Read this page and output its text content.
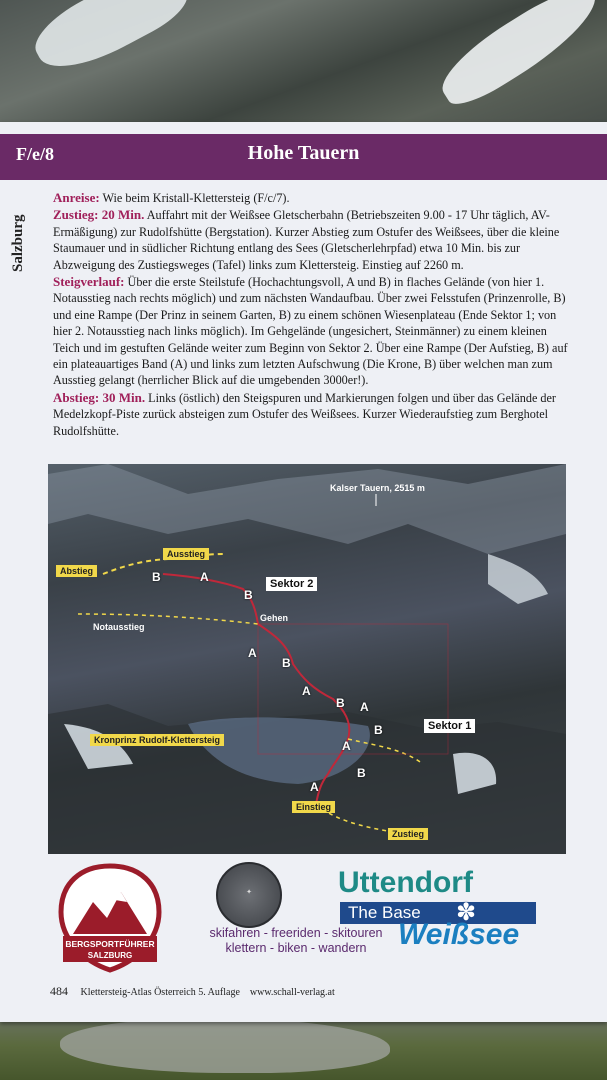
F/e/8	Hohe Tauern
Salzburg

Anreise: Wie beim Kristall-Klettersteig (F/c/7).

Zustieg: 20 Min. Auffahrt mit der Weißsee Gletscherbahn (Betriebszeiten 9.00 - 17 Uhr täglich, AV-Ermäßigung) zur Rudolfshütte (Bergstation). Kurzer Abstieg zum Ostufer des Weißsees, über die kleine Staumauer und in südlicher Richtung entlang des Sees (Gletscherlehrpfad) etwa 10 Min. bis zur Abzweigung des Zustiegsweges (Tafel) links zum Klettersteig. Einstieg auf 2260 m.

Steigverlauf: Über die erste Steilstufe (Hochachtungsvoll, A und B) in flaches Gelände (von hier 1. Notausstieg nach rechts möglich) und zum nächsten Wandaufbau. Über zwei Felsstufen (Prinzenrolle, B) und eine Rampe (Der Prinz in seinem Garten, B) zu einem schönen Wiesenplateau (Ende Sektor 1; von hier 2. Notausstieg nach links möglich). Im Gehgelände (ungesichert, Steinmänner) zu einem kleinen Teich und im gestuften Gelände weiter zum Beginn von Sektor 2. Über eine Rampe (Der Aufstieg, B) auf ein plateauartiges Band (A) und links zum letzten Aufschwung (Die Krone, B) über welchen man zum Ausstieg gelangt (herrlicher Blick auf die umgebenden 3000er!).

Abstieg: 30 Min. Links (östlich) den Steigspuren und Markierungen folgen und über das Gelände der Medelzkopf-Piste zurück absteigen zum Ostufer des Weißsees. Kurzer Wiederaufstieg zum Berghotel Rudolfshütte.

Kalser Tauern, 2515 m
Ausstieg
Abstieg
Sektor 2
Gehen
Notausstieg
Sektor 1
Kronprinz Rudolf-Klettersteig
Einstieg
Zustieg
B	A
B
A
B
A
B A
B
A
B
A
BERGSPORTFÜHRER
SALZBURG
✦
skifahren - freeriden - skitouren
klettern - biken - wandern
Uttendorf
The Base	✽
Weißsee
484 Klettersteig-Atlas Österreich 5. Auflage www.schall-verlag.at
